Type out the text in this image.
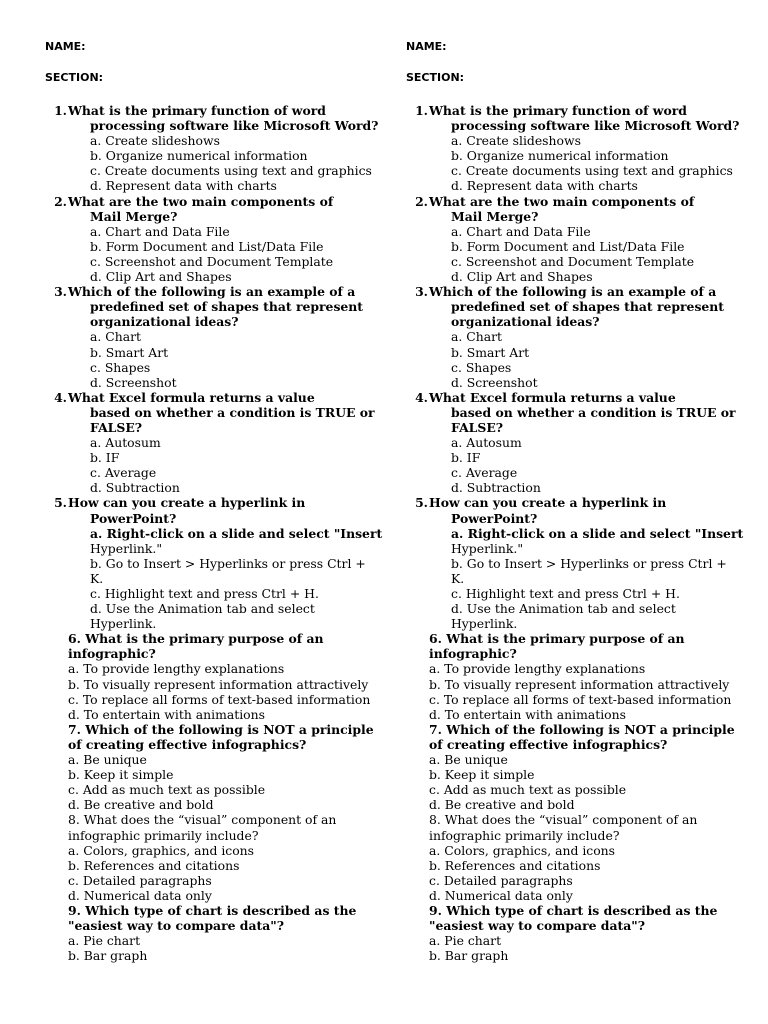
NAME:

SECTION:

1.What is the primary function of word
processing software like Microsoft Word?
a. Create slideshows
b. Organize numerical information
c. Create documents using text and graphics
d. Represent data with charts
2.What are the two main components of
Mail Merge?
a. Chart and Data File
b. Form Document and List/Data File
c. Screenshot and Document Template
d. Clip Art and Shapes
3.Which of the following is an example of a
predefined set of shapes that represent
organizational ideas?
a. Chart
b. Smart Art
c. Shapes
d. Screenshot
4.What Excel formula returns a value
based on whether a condition is TRUE or
FALSE?
a. Autosum
b. IF
c. Average
d. Subtraction
5.How can you create a hyperlink in
PowerPoint?
a. Right-click on a slide and select "Insert
Hyperlink."
b. Go to Insert > Hyperlinks or press Ctrl +
K.
c. Highlight text and press Ctrl + H.
d. Use the Animation tab and select
Hyperlink.
6. What is the primary purpose of an
infographic?
a. To provide lengthy explanations
b. To visually represent information attractively
c. To replace all forms of text-based information
d. To entertain with animations
7. Which of the following is NOT a principle
of creating effective infographics?
a. Be unique
b. Keep it simple
c. Add as much text as possible
d. Be creative and bold
8. What does the “visual” component of an
infographic primarily include?
a. Colors, graphics, and icons
b. References and citations
c. Detailed paragraphs
d. Numerical data only
9. Which type of chart is described as the
"easiest way to compare data"?
a. Pie chart
b. Bar graph

NAME:

SECTION:

1.What is the primary function of word
processing software like Microsoft Word?
a. Create slideshows
b. Organize numerical information
c. Create documents using text and graphics
d. Represent data with charts
2.What are the two main components of
Mail Merge?
a. Chart and Data File
b. Form Document and List/Data File
c. Screenshot and Document Template
d. Clip Art and Shapes
3.Which of the following is an example of a
predefined set of shapes that represent
organizational ideas?
a. Chart
b. Smart Art
c. Shapes
d. Screenshot
4.What Excel formula returns a value
based on whether a condition is TRUE or
FALSE?
a. Autosum
b. IF
c. Average
d. Subtraction
5.How can you create a hyperlink in
PowerPoint?
a. Right-click on a slide and select "Insert
Hyperlink."
b. Go to Insert > Hyperlinks or press Ctrl +
K.
c. Highlight text and press Ctrl + H.
d. Use the Animation tab and select
Hyperlink.
6. What is the primary purpose of an
infographic?
a. To provide lengthy explanations
b. To visually represent information attractively
c. To replace all forms of text-based information
d. To entertain with animations
7. Which of the following is NOT a principle
of creating effective infographics?
a. Be unique
b. Keep it simple
c. Add as much text as possible
d. Be creative and bold
8. What does the “visual” component of an
infographic primarily include?
a. Colors, graphics, and icons
b. References and citations
c. Detailed paragraphs
d. Numerical data only
9. Which type of chart is described as the
"easiest way to compare data"?
a. Pie chart
b. Bar graph
